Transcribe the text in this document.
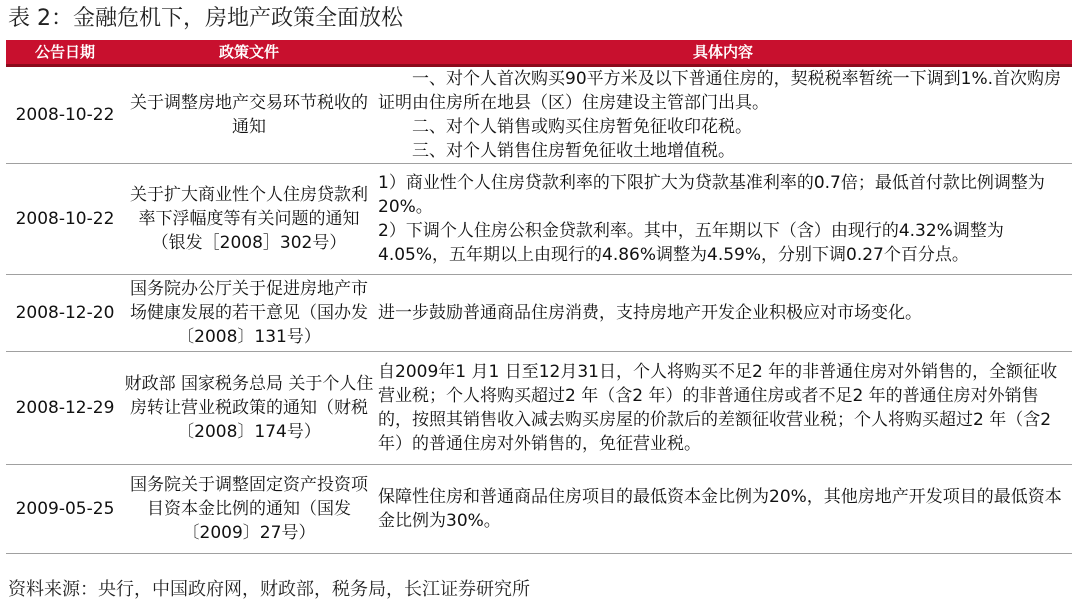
表 2：金融危机下，房地产政策全面放松
公告日期	政策文件	具体内容
2008-10-22
关于调整房地产交易环节税收的通知

一、对个人首次购买90平方米及以下普通住房的，契税税率暂统一下调到1%.首次购房证明由住房所在地县（区）住房建设主管部门出具。

二、对个人销售或购买住房暂免征收印花税。

三、对个人销售住房暂免征收土地增值税。

2008-10-22
关于扩大商业性个人住房贷款利率下浮幅度等有关问题的通知（银发［2008］302号）

1）商业性个人住房贷款利率的下限扩大为贷款基准利率的0.7倍；最低首付款比例调整为20%。

2）下调个人住房公积金贷款利率。其中，五年期以下（含）由现行的4.32%调整为4.05%，五年期以上由现行的4.86%调整为4.59%，分别下调0.27个百分点。

2008-12-20
国务院办公厅关于促进房地产市场健康发展的若干意见（国办发〔2008〕131号）

进一步鼓励普通商品住房消费，支持房地产开发企业积极应对市场变化。

2008-12-29
财政部 国家税务总局 关于个人住房转让营业税政策的通知（财税〔2008〕174号）

自2009年1 月1 日至12月31日，个人将购买不足2 年的非普通住房对外销售的，全额征收营业税；个人将购买超过2 年（含2 年）的非普通住房或者不足2 年的普通住房对外销售的，按照其销售收入减去购买房屋的价款后的差额征收营业税；个人将购买超过2 年（含2 年）的普通住房对外销售的，免征营业税。

2009-05-25
国务院关于调整固定资产投资项目资本金比例的通知（国发〔2009〕27号）

保障性住房和普通商品住房项目的最低资本金比例为20%，其他房地产开发项目的最低资本金比例为30%。

资料来源：央行，中国政府网，财政部，税务局，长江证券研究所
